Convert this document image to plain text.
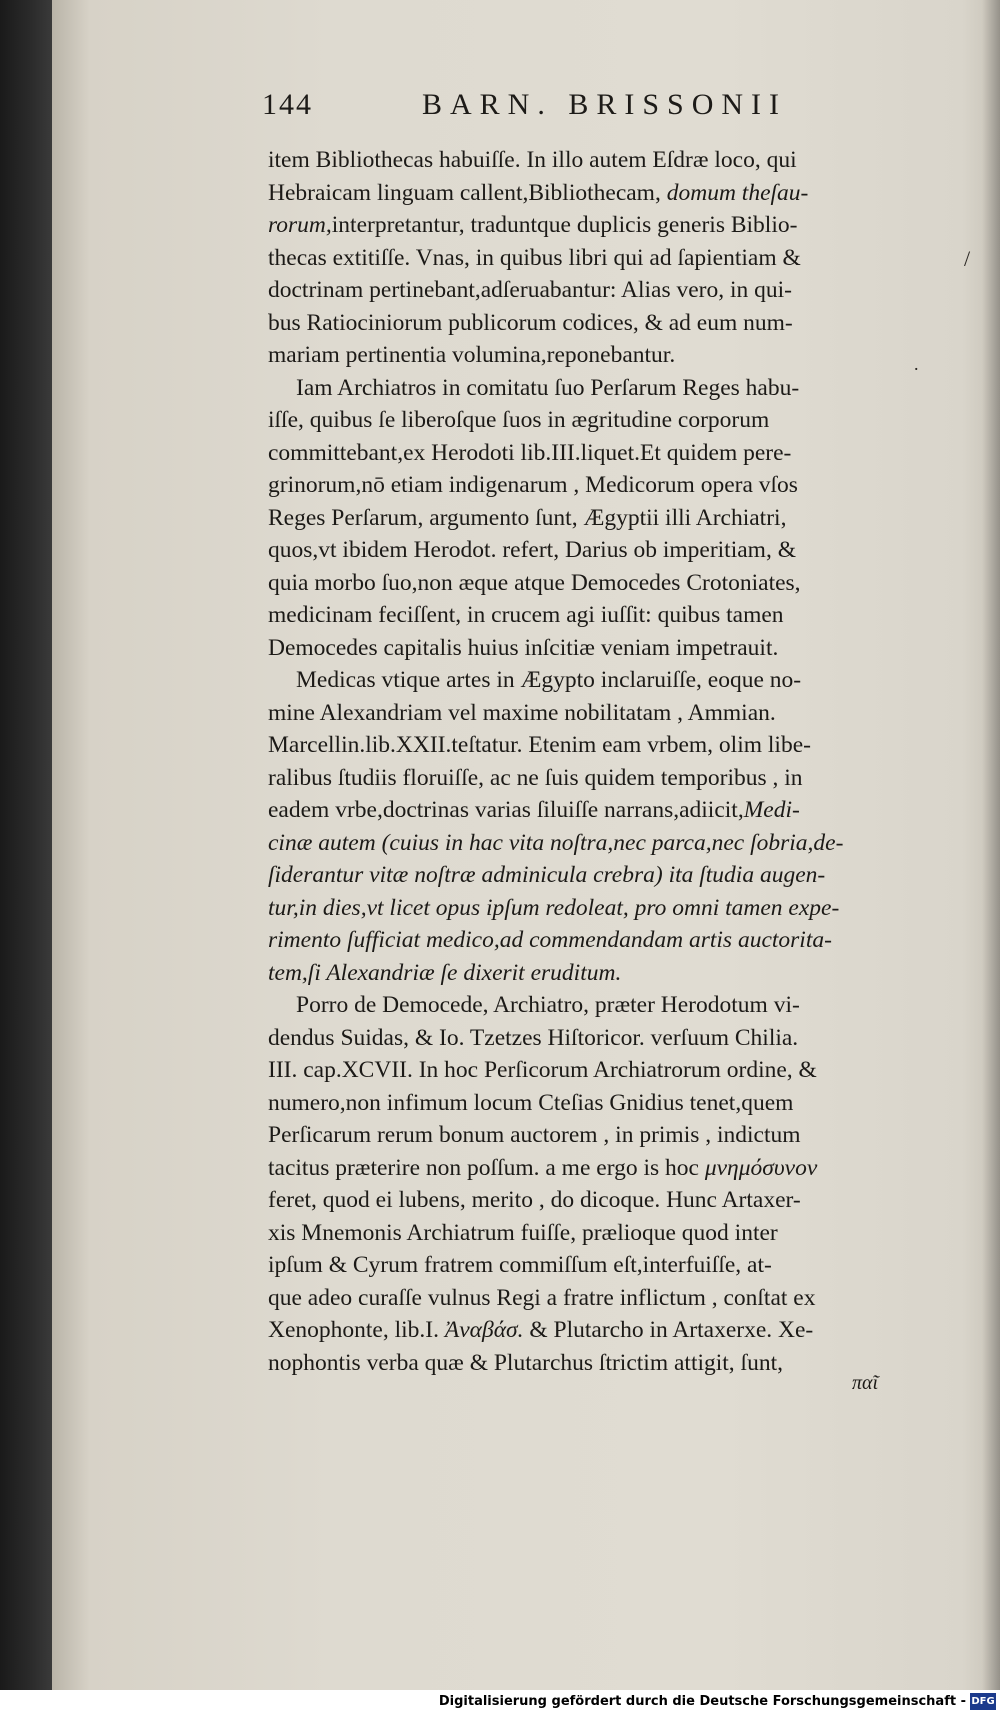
144	BARN. BRISSONII
item Bibliothecas habuiſſe. In illo autem Eſdræ loco, qui
Hebraicam linguam callent,Bibliothecam, domum theſau-
rorum,interpretantur, traduntque duplicis generis Biblio-
thecas extitiſſe. Vnas, in quibus libri qui ad ſapientiam &
doctrinam pertinebant,adſeruabantur: Alias vero, in qui-
bus Ratiociniorum publicorum codices, & ad eum num-
mariam pertinentia volumina,reponebantur.
Iam Archiatros in comitatu ſuo Perſarum Reges habu-
iſſe, quibus ſe liberoſque ſuos in ægritudine corporum
committebant,ex Herodoti lib.III.liquet.Et quidem pere-
grinorum,nō etiam indigenarum , Medicorum opera vſos
Reges Perſarum, argumento ſunt, Ægyptii illi Archiatri,
quos,vt ibidem Herodot. refert, Darius ob imperitiam, &
quia morbo ſuo,non æque atque Democedes Crotoniates,
medicinam feciſſent, in crucem agi iuſſit: quibus tamen
Democedes capitalis huius inſcitiæ veniam impetrauit.
Medicas vtique artes in Ægypto inclaruiſſe, eoque no-
mine Alexandriam vel maxime nobilitatam , Ammian.
Marcellin.lib.XXII.teſtatur. Etenim eam vrbem, olim libe-
ralibus ſtudiis floruiſſe, ac ne ſuis quidem temporibus , in
eadem vrbe,doctrinas varias ſiluiſſe narrans,adiicit,Medi-
cinæ autem (cuius in hac vita noſtra,nec parca,nec ſobria,de-
ſiderantur vitæ noſtræ adminicula crebra) ita ſtudia augen-
tur,in dies,vt licet opus ipſum redoleat, pro omni tamen expe-
rimento ſufficiat medico,ad commendandam artis auctorita-
tem,ſi Alexandriæ ſe dixerit eruditum.
Porro de Democede, Archiatro, præter Herodotum vi-
dendus Suidas, & Io. Tzetzes Hiſtoricor. verſuum Chilia.
III. cap.XCVII. In hoc Perſicorum Archiatrorum ordine, &
numero,non infimum locum Cteſias Gnidius tenet,quem
Perſicarum rerum bonum auctorem , in primis , indictum
tacitus præterire non poſſum. a me ergo is hoc μνημόσυνον
feret, quod ei lubens, merito , do dicoque. Hunc Artaxer-
xis Mnemonis Archiatrum fuiſſe, prælioque quod inter
ipſum & Cyrum fratrem commiſſum eſt,interfuiſſe, at-
que adeo curaſſe vulnus Regi a fratre inflictum , conſtat ex
Xenophonte, lib.I. Ἀναβάσ. & Plutarcho in Artaxerxe. Xe-
nophontis verba quæ & Plutarchus ſtrictim attigit, ſunt,
/
.
παῖ
Digitalisierung gefördert durch die Deutsche Forschungsgemeinschaft - DFG
